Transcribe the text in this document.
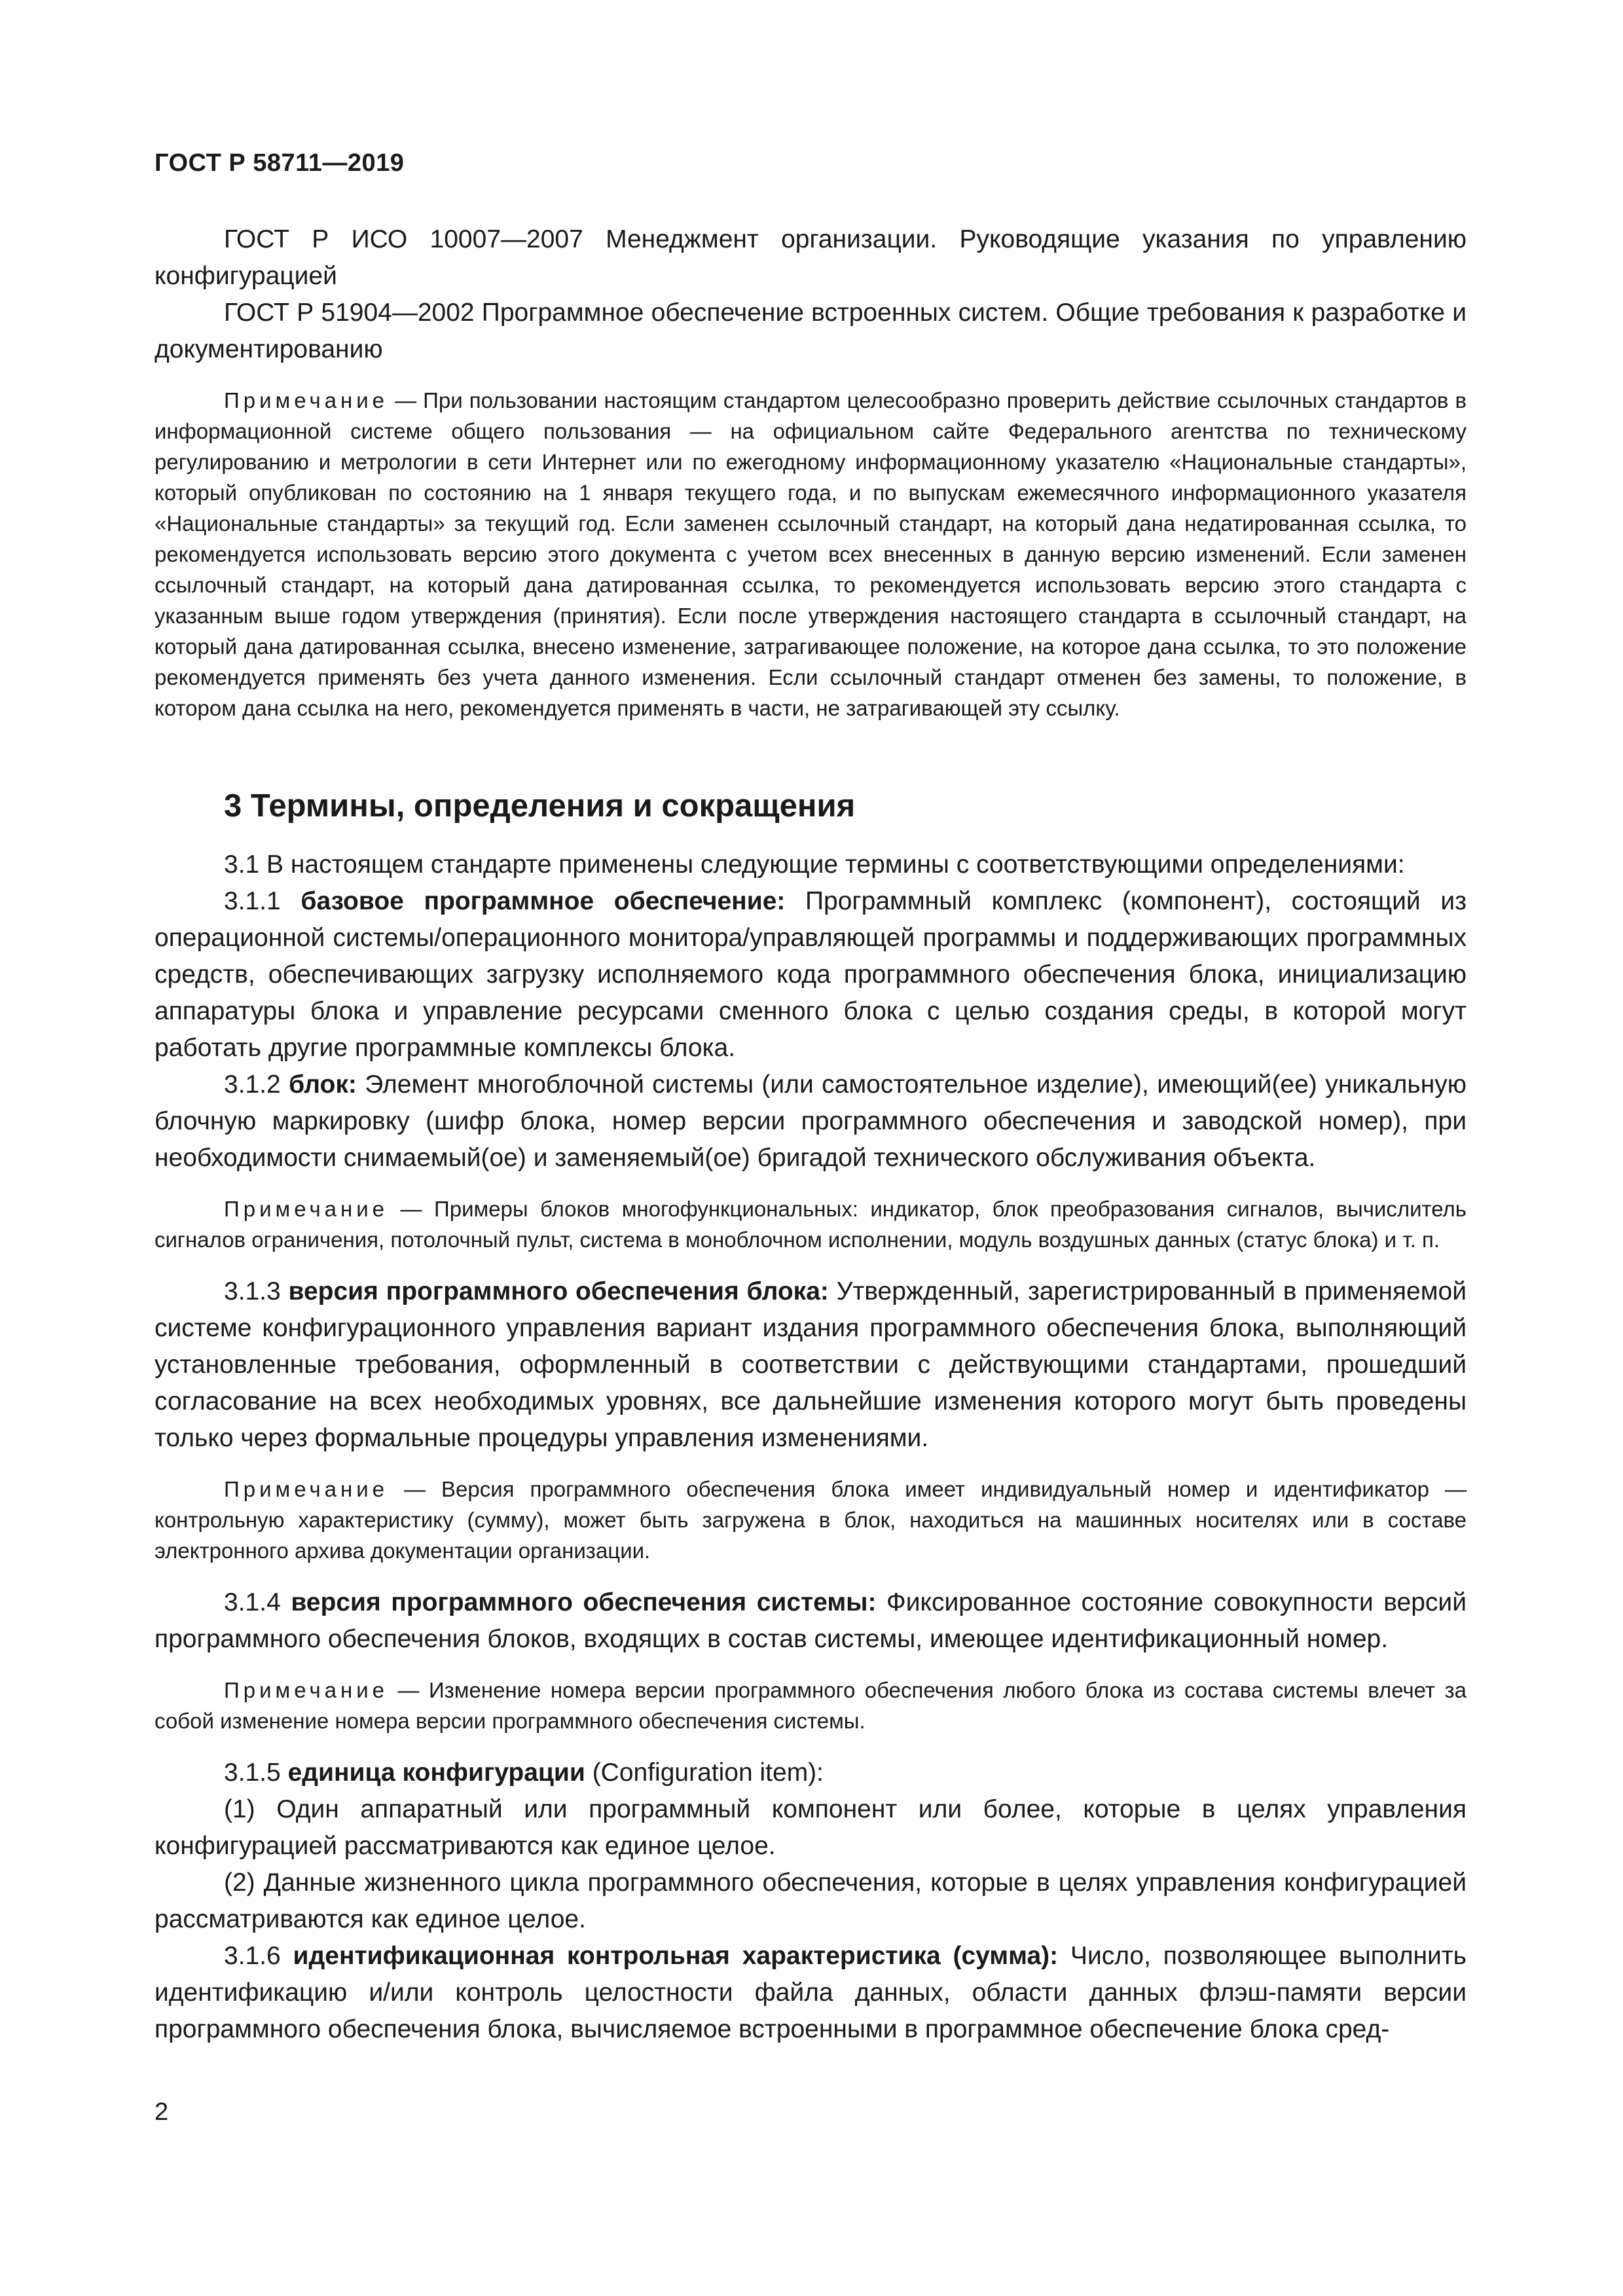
ГОСТ Р 58711—2019

ГОСТ Р ИСО 10007—2007 Менеджмент организации. Руководящие указания по управлению конфигурацией

ГОСТ Р 51904—2002 Программное обеспечение встроенных систем. Общие требования к разработке и документированию

Примечание — При пользовании настоящим стандартом целесообразно проверить действие ссылочных стандартов в информационной системе общего пользования — на официальном сайте Федерального агентства по техническому регулированию и метрологии в сети Интернет или по ежегодному информационному указателю «Национальные стандарты», который опубликован по состоянию на 1 января текущего года, и по выпускам ежемесячного информационного указателя «Национальные стандарты» за текущий год. Если заменен ссылочный стандарт, на который дана недатированная ссылка, то рекомендуется использовать версию этого документа с учетом всех внесенных в данную версию изменений. Если заменен ссылочный стандарт, на который дана датированная ссылка, то рекомендуется использовать версию этого стандарта с указанным выше годом утверждения (принятия). Если после утверждения настоящего стандарта в ссылочный стандарт, на который дана датированная ссылка, внесено изменение, затрагивающее положение, на которое дана ссылка, то это положение рекомендуется применять без учета данного изменения. Если ссылочный стандарт отменен без замены, то положение, в котором дана ссылка на него, рекомендуется применять в части, не затрагивающей эту ссылку.

3 Термины, определения и сокращения

3.1 В настоящем стандарте применены следующие термины с соответствующими определениями:

3.1.1 базовое программное обеспечение: Программный комплекс (компонент), состоящий из операционной системы/операционного монитора/управляющей программы и поддерживающих программных средств, обеспечивающих загрузку исполняемого кода программного обеспечения блока, инициализацию аппаратуры блока и управление ресурсами сменного блока с целью создания среды, в которой могут работать другие программные комплексы блока.

3.1.2 блок: Элемент многоблочной системы (или самостоятельное изделие), имеющий(ее) уникальную блочную маркировку (шифр блока, номер версии программного обеспечения и заводской номер), при необходимости снимаемый(ое) и заменяемый(ое) бригадой технического обслуживания объекта.

Примечание — Примеры блоков многофункциональных: индикатор, блок преобразования сигналов, вычислитель сигналов ограничения, потолочный пульт, система в моноблочном исполнении, модуль воздушных данных (статус блока) и т. п.

3.1.3 версия программного обеспечения блока: Утвержденный, зарегистрированный в применяемой системе конфигурационного управления вариант издания программного обеспечения блока, выполняющий установленные требования, оформленный в соответствии с действующими стандартами, прошедший согласование на всех необходимых уровнях, все дальнейшие изменения которого могут быть проведены только через формальные процедуры управления изменениями.

Примечание — Версия программного обеспечения блока имеет индивидуальный номер и идентификатор — контрольную характеристику (сумму), может быть загружена в блок, находиться на машинных носителях или в составе электронного архива документации организации.

3.1.4 версия программного обеспечения системы: Фиксированное состояние совокупности версий программного обеспечения блоков, входящих в состав системы, имеющее идентификационный номер.

Примечание — Изменение номера версии программного обеспечения любого блока из состава системы влечет за собой изменение номера версии программного обеспечения системы.

3.1.5 единица конфигурации (Configuration item):

(1) Один аппаратный или программный компонент или более, которые в целях управления конфигурацией рассматриваются как единое целое.

(2) Данные жизненного цикла программного обеспечения, которые в целях управления конфигурацией рассматриваются как единое целое.

3.1.6 идентификационная контрольная характеристика (сумма): Число, позволяющее выполнить идентификацию и/или контроль целостности файла данных, области данных флэш-памяти версии программного обеспечения блока, вычисляемое встроенными в программное обеспечение блока сред-

2
